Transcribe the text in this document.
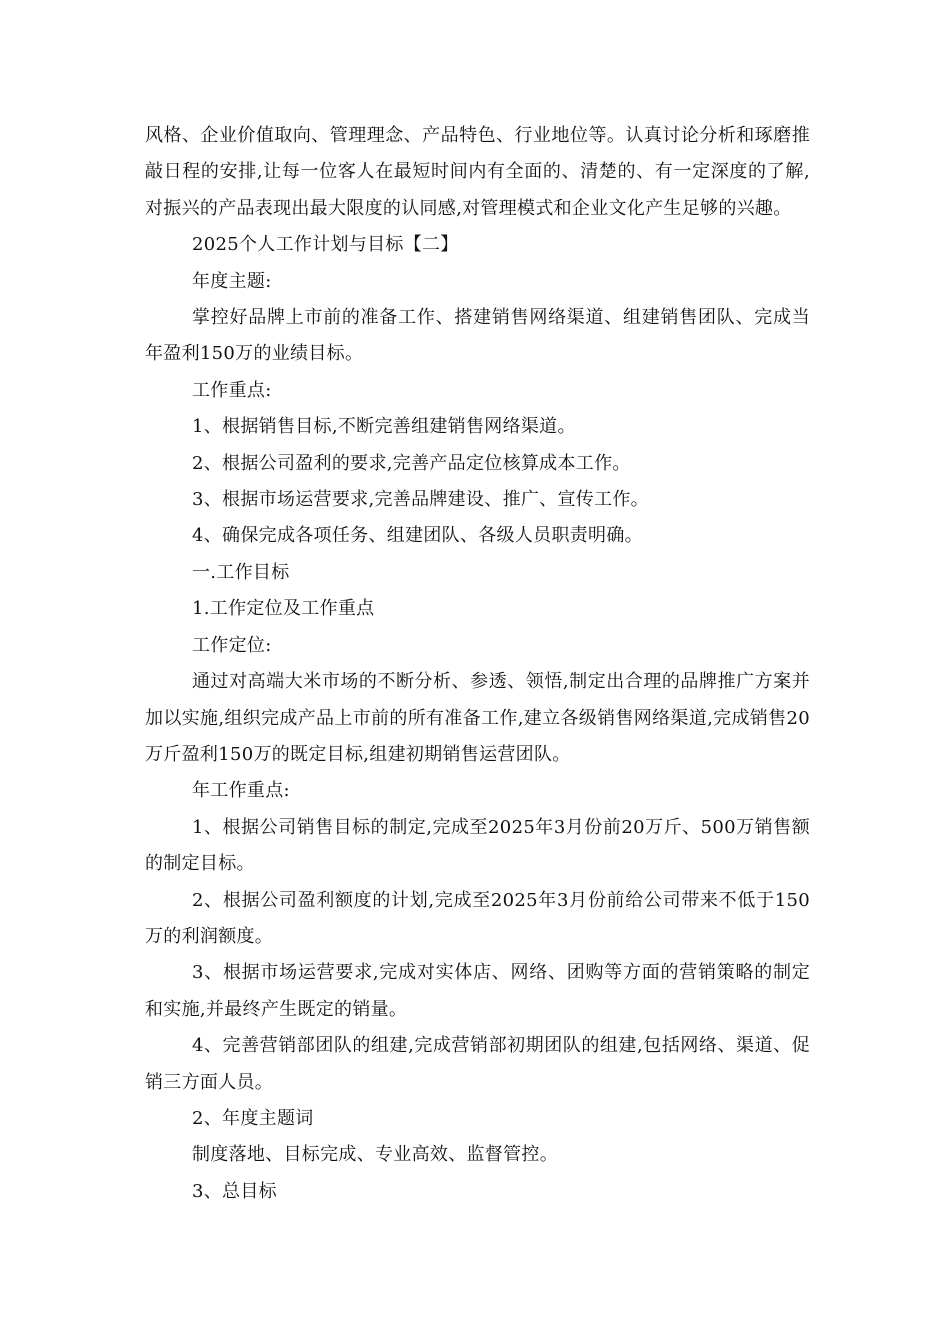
风格、企业价值取向、管理理念、产品特色、行业地位等。认真讨论分析和琢磨推敲日程的安排,让每一位客人在最短时间内有全面的、清楚的、有一定深度的了解,对振兴的产品表现出最大限度的认同感,对管理模式和企业文化产生足够的兴趣。

2025个人工作计划与目标【二】

年度主题:

掌控好品牌上市前的准备工作、搭建销售网络渠道、组建销售团队、完成当年盈利150万的业绩目标。

工作重点:

1、根据销售目标,不断完善组建销售网络渠道。

2、根据公司盈利的要求,完善产品定位核算成本工作。

3、根据市场运营要求,完善品牌建设、推广、宣传工作。

4、确保完成各项任务、组建团队、各级人员职责明确。

一.工作目标

1.工作定位及工作重点

工作定位:

通过对高端大米市场的不断分析、参透、领悟,制定出合理的品牌推广方案并加以实施,组织完成产品上市前的所有准备工作,建立各级销售网络渠道,完成销售20万斤盈利150万的既定目标,组建初期销售运营团队。

年工作重点:

1、根据公司销售目标的制定,完成至2025年3月份前20万斤、500万销售额的制定目标。

2、根据公司盈利额度的计划,完成至2025年3月份前给公司带来不低于150万的利润额度。

3、根据市场运营要求,完成对实体店、网络、团购等方面的营销策略的制定和实施,并最终产生既定的销量。

4、完善营销部团队的组建,完成营销部初期团队的组建,包括网络、渠道、促销三方面人员。

2、年度主题词

制度落地、目标完成、专业高效、监督管控。

3、总目标
